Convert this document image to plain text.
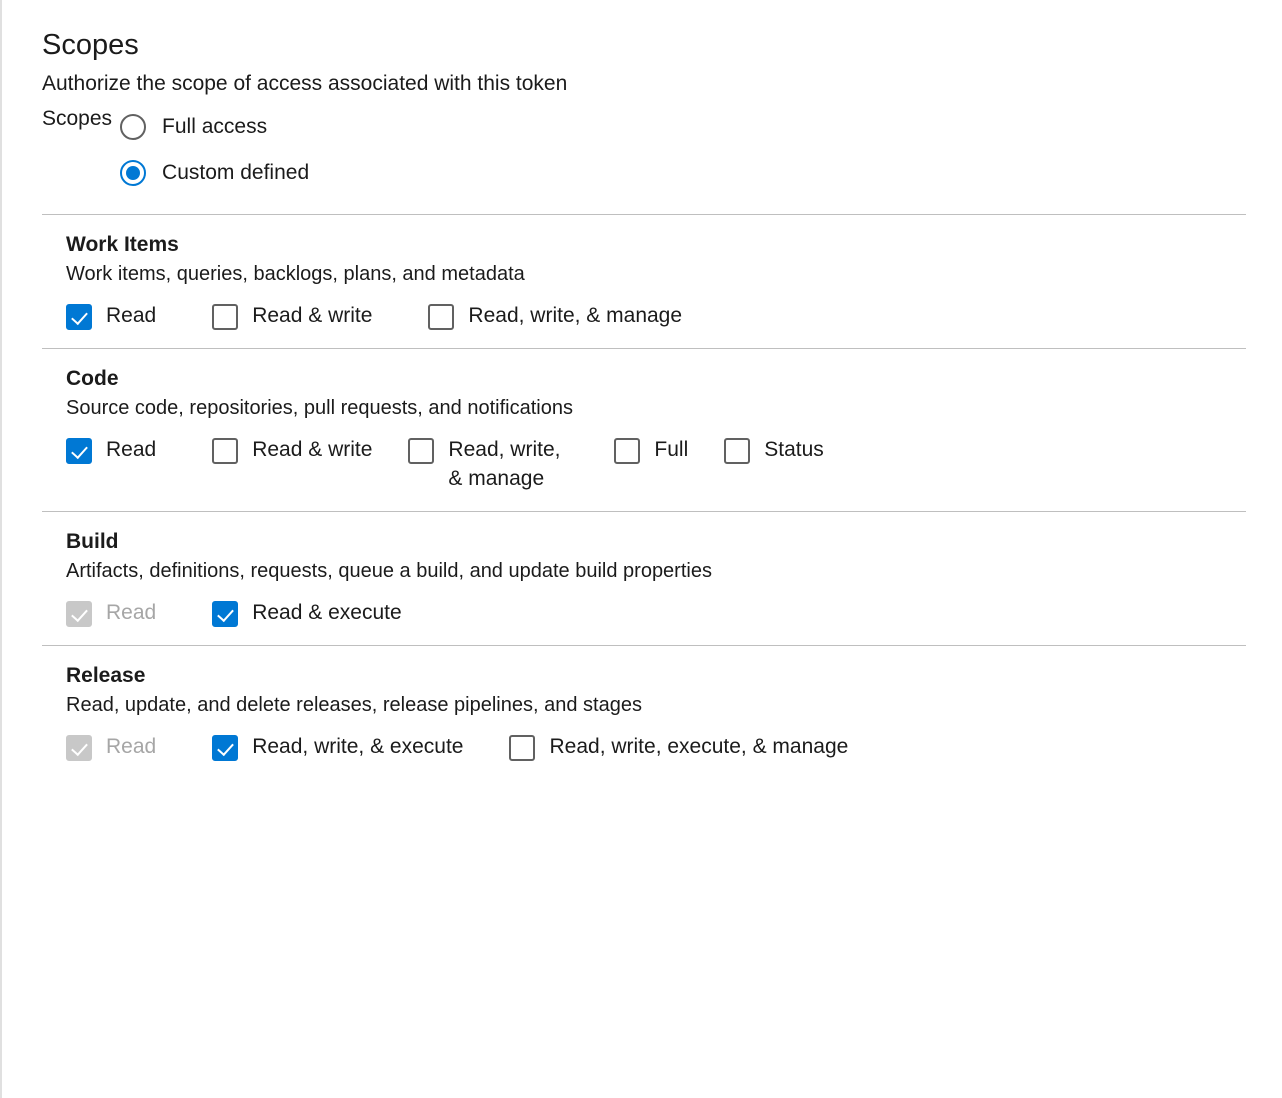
Scopes

Authorize the scope of access associated with this token

Scopes Full access
Custom defined
Work Items
Work items, queries, backlogs, plans, and metadata
Read	Read & write	Read, write, & manage
Code
Source code, repositories, pull requests, and notifications
Read	Read & write	Read, write, & manage
Full	Status
Build
Artifacts, definitions, requests, queue a build, and update build properties
Read	Read & execute
Release
Read, update, and delete releases, release pipelines, and stages
Read	Read, write, & execute	Read, write, execute, & manage
